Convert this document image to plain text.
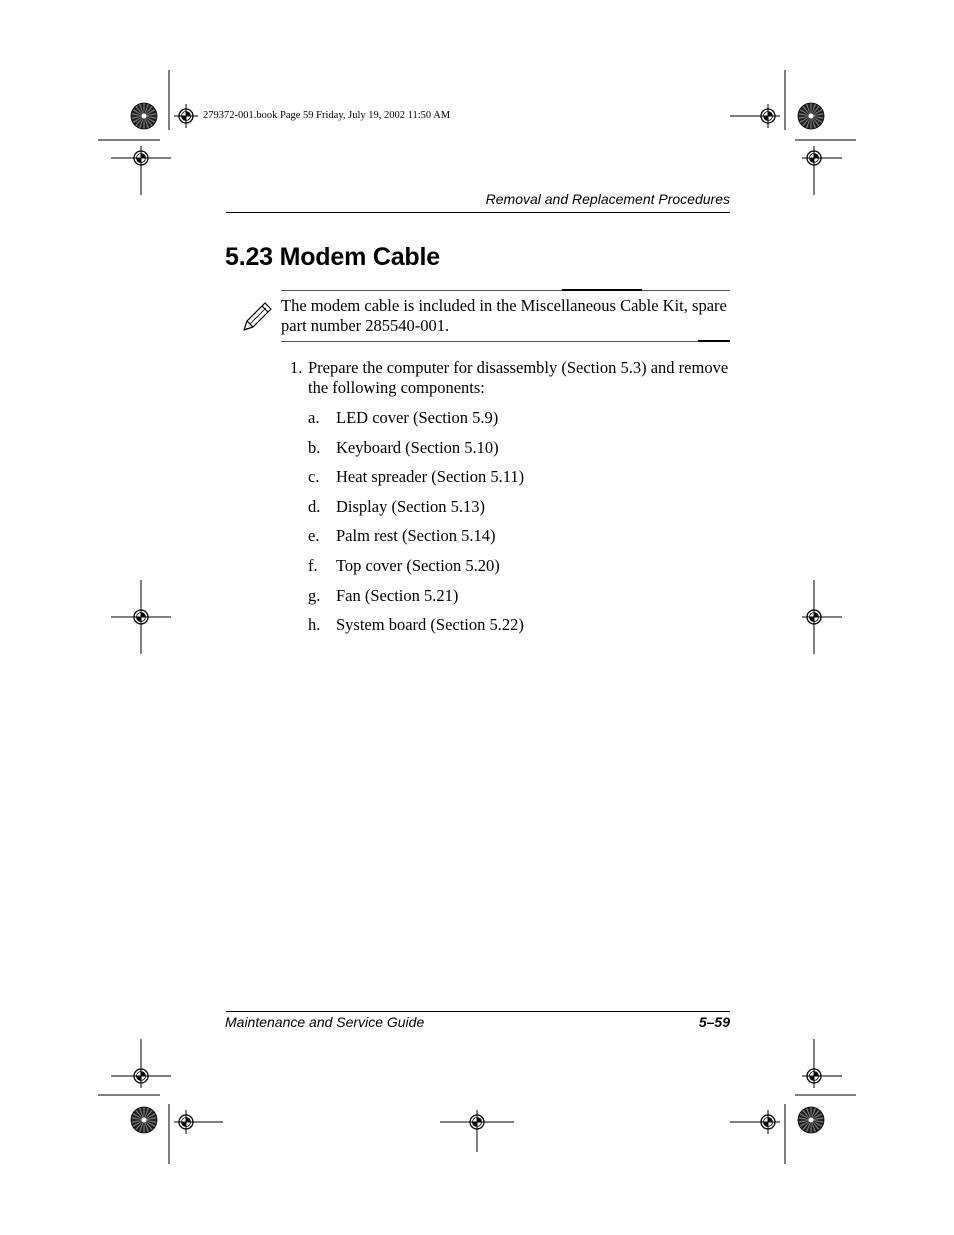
279372-001.book Page 59 Friday, July 19, 2002 11:50 AM
Removal and Replacement Procedures
5.23 Modem Cable
The modem cable is included in the Miscellaneous Cable Kit, spare part number 285540-001.
1. Prepare the computer for disassembly (Section 5.3) and remove the following components:
a. LED cover (Section 5.9)
b. Keyboard (Section 5.10)
c. Heat spreader (Section 5.11)
d. Display (Section 5.13)
e. Palm rest (Section 5.14)
f. Top cover (Section 5.20)
g. Fan (Section 5.21)
h. System board (Section 5.22)
Maintenance and Service Guide	5–59
